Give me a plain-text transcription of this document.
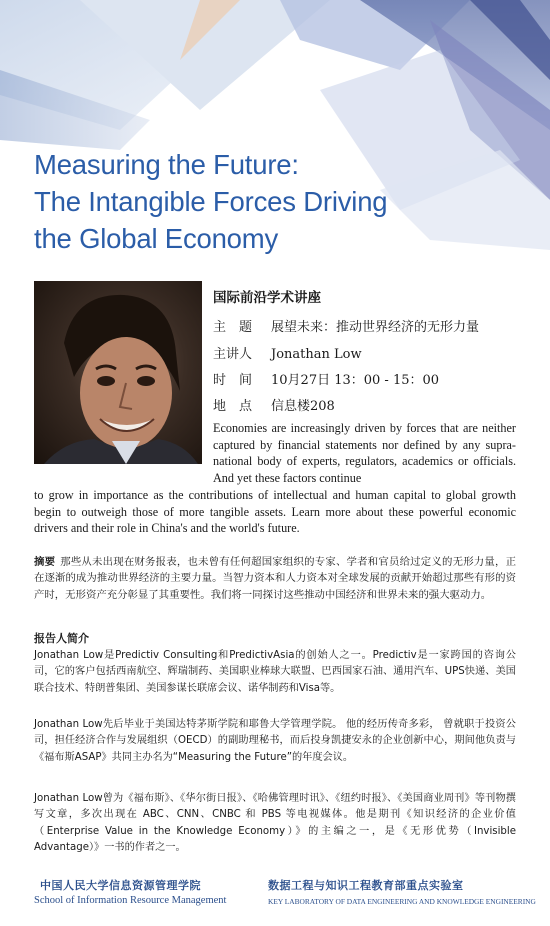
Measuring the Future:
The Intangible Forces Driving
the Global Economy
国际前沿学术讲座
主　题 展望未来：推动世界经济的无形力量
主讲人 Jonathan Low
时　间 10月27日 13：00 - 15：00
地　点 信息楼208
Economies are increasingly driven by forces that are neither captured by financial statements nor defined by any supra-national body of experts, regulators, academics or officials. And yet these factors continue
to grow in importance as the contributions of intellectual and human capital to global growth begin to outweigh those of more tangible assets. Learn more about these powerful economic drivers and their role in China's and the world's future.
摘要 那些从未出现在财务报表，也未曾有任何超国家组织的专家、学者和官员给过定义的无形力量，正在逐渐的成为推动世界经济的主要力量。当智力资本和人力资本对全球发展的贡献开始超过那些有形的资产时，无形资产充分彰显了其重要性。我们将一同探讨这些推动中国经济和世界未来的强大驱动力。
报告人简介
Jonathan Low是Predictiv Consulting和PredictivAsia的创始人之一。Predictiv是一家跨国的咨询公司，它的客户包括西南航空、辉瑞制药、美国职业棒球大联盟、巴西国家石油、通用汽车、UPS快递、美国联合技术、特朗普集团、美国参谋长联席会议、诺华制药和Visa等。
Jonathan Low先后毕业于美国达特茅斯学院和耶鲁大学管理学院。 他的经历传奇多彩， 曾就职于投资公司，担任经济合作与发展组织（OECD）的副助理秘书，而后投身凯捷安永的企业创新中心，期间他负责与《福布斯ASAP》共同主办名为“Measuring the Future”的年度会议。
Jonathan Low曾为《福布斯》、《华尔街日报》、《哈佛管理时讯》、《纽约时报》、《美国商业周刊》等刊物撰写文章，多次出现在 ABC、CNN、CNBC 和 PBS 等电视媒体。他是期刊《知识经济的企业价值（Enterprise Value in the Knowledge Economy）》的主编之一，是《无形优势（Invisible Advantage）》一书的作者之一。
中国人民大学信息资源管理学院
School of Information Resource Management
数据工程与知识工程教育部重点实验室
KEY LABORATORY OF DATA ENGINEERING AND KNOWLEDGE ENGINEERING
